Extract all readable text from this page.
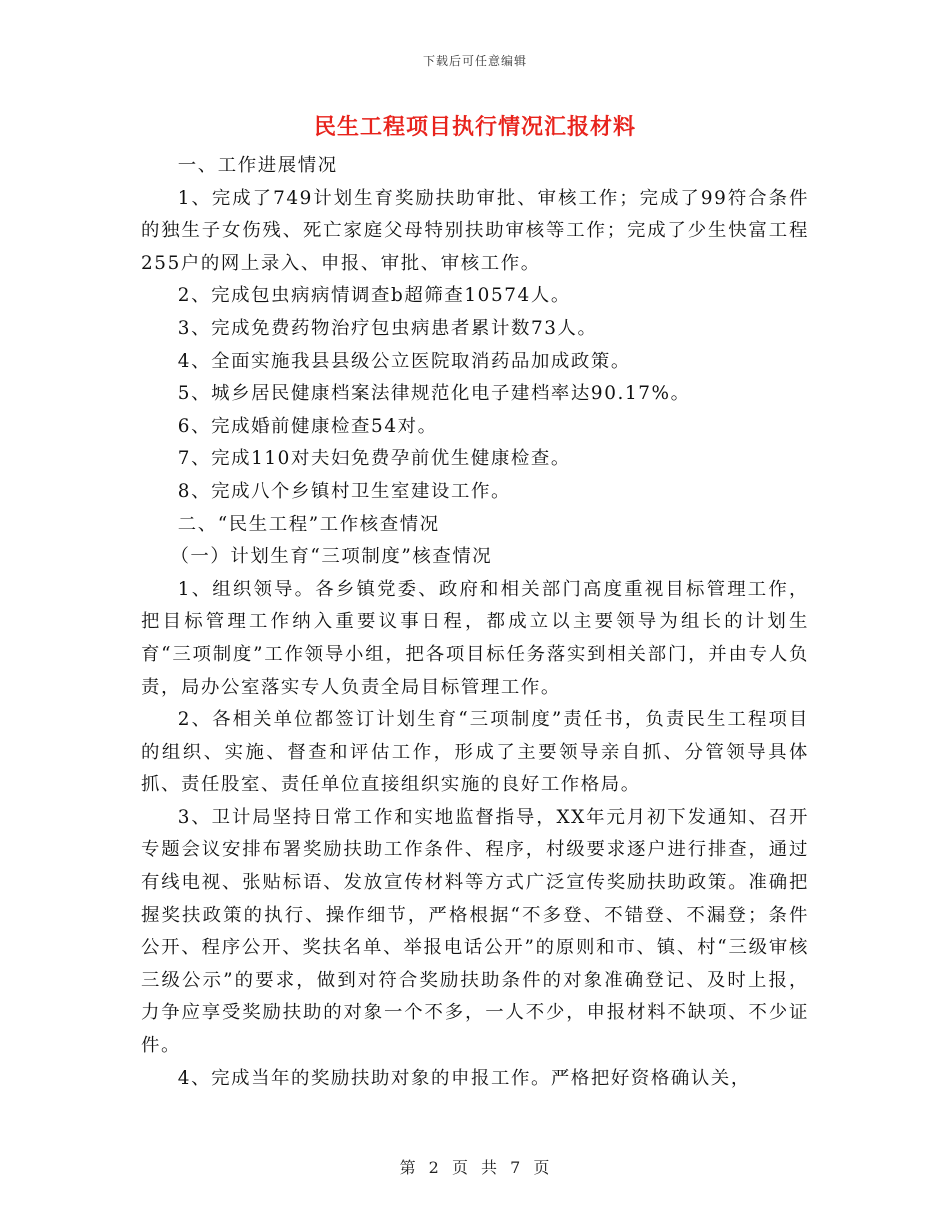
下载后可任意编辑
民生工程项目执行情况汇报材料

一、工作进展情况

1、完成了749计划生育奖励扶助审批、审核工作；完成了99符合条件的独生子女伤残、死亡家庭父母特别扶助审核等工作；完成了少生快富工程255户的网上录入、申报、审批、审核工作。

2、完成包虫病病情调查b超筛查10574人。

3、完成免费药物治疗包虫病患者累计数73人。

4、全面实施我县县级公立医院取消药品加成政策。

5、城乡居民健康档案法律规范化电子建档率达90.17%。

6、完成婚前健康检查54对。

7、完成110对夫妇免费孕前优生健康检查。

8、完成八个乡镇村卫生室建设工作。

二、“民生工程”工作核查情况

（一）计划生育“三项制度”核查情况

1、组织领导。各乡镇党委、政府和相关部门高度重视目标管理工作，把目标管理工作纳入重要议事日程，都成立以主要领导为组长的计划生育“三项制度”工作领导小组，把各项目标任务落实到相关部门，并由专人负责，局办公室落实专人负责全局目标管理工作。

2、各相关单位都签订计划生育“三项制度”责任书，负责民生工程项目的组织、实施、督查和评估工作，形成了主要领导亲自抓、分管领导具体抓、责任股室、责任单位直接组织实施的良好工作格局。

3、卫计局坚持日常工作和实地监督指导，XX年元月初下发通知、召开专题会议安排布署奖励扶助工作条件、程序，村级要求逐户进行排查，通过有线电视、张贴标语、发放宣传材料等方式广泛宣传奖励扶助政策。准确把握奖扶政策的执行、操作细节，严格根据“不多登、不错登、不漏登；条件公开、程序公开、奖扶名单、举报电话公开”的原则和市、镇、村“三级审核三级公示”的要求，做到对符合奖励扶助条件的对象准确登记、及时上报，力争应享受奖励扶助的对象一个不多，一人不少，申报材料不缺项、不少证件。

4、完成当年的奖励扶助对象的申报工作。严格把好资格确认关，

第 2 页 共 7 页
